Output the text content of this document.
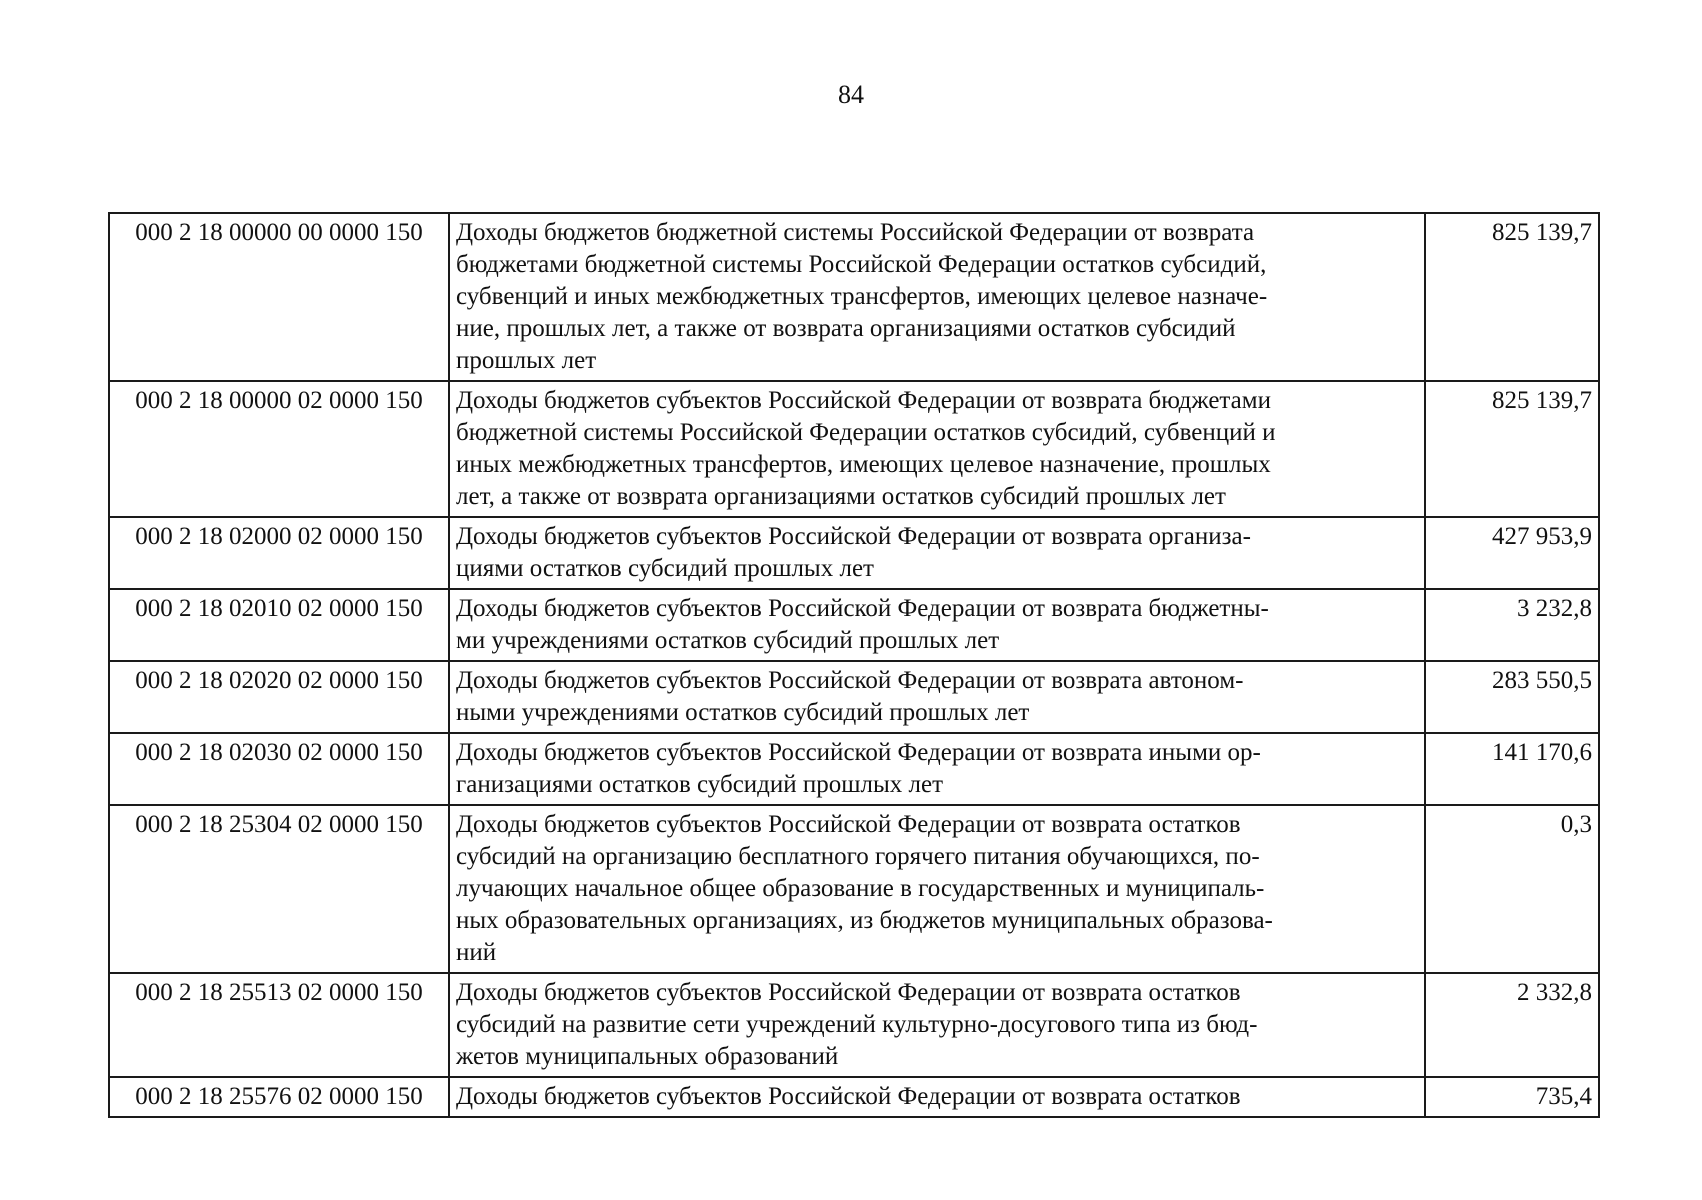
84
000 2 18 00000 00 0000 150	Доходы бюджетов бюджетной системы Российской Федерации от возврата
бюджетами бюджетной системы Российской Федерации остатков субсидий,
субвенций и иных межбюджетных трансфертов, имеющих целевое назначе-
ние, прошлых лет, а также от возврата организациями остатков субсидий
прошлых лет	825 139,7
000 2 18 00000 02 0000 150	Доходы бюджетов субъектов Российской Федерации от возврата бюджетами
бюджетной системы Российской Федерации остатков субсидий, субвенций и
иных межбюджетных трансфертов, имеющих целевое назначение, прошлых
лет, а также от возврата организациями остатков субсидий прошлых лет	825 139,7
000 2 18 02000 02 0000 150	Доходы бюджетов субъектов Российской Федерации от возврата организа-
циями остатков субсидий прошлых лет	427 953,9
000 2 18 02010 02 0000 150	Доходы бюджетов субъектов Российской Федерации от возврата бюджетны-
ми учреждениями остатков субсидий прошлых лет	3 232,8
000 2 18 02020 02 0000 150	Доходы бюджетов субъектов Российской Федерации от возврата автоном-
ными учреждениями остатков субсидий прошлых лет	283 550,5
000 2 18 02030 02 0000 150	Доходы бюджетов субъектов Российской Федерации от возврата иными ор-
ганизациями остатков субсидий прошлых лет	141 170,6
000 2 18 25304 02 0000 150	Доходы бюджетов субъектов Российской Федерации от возврата остатков
субсидий на организацию бесплатного горячего питания обучающихся, по-
лучающих начальное общее образование в государственных и муниципаль-
ных образовательных организациях, из бюджетов муниципальных образова-
ний	0,3
000 2 18 25513 02 0000 150	Доходы бюджетов субъектов Российской Федерации от возврата остатков
субсидий на развитие сети учреждений культурно-досугового типа из бюд-
жетов муниципальных образований	2 332,8
000 2 18 25576 02 0000 150	Доходы бюджетов субъектов Российской Федерации от возврата остатков	735,4
